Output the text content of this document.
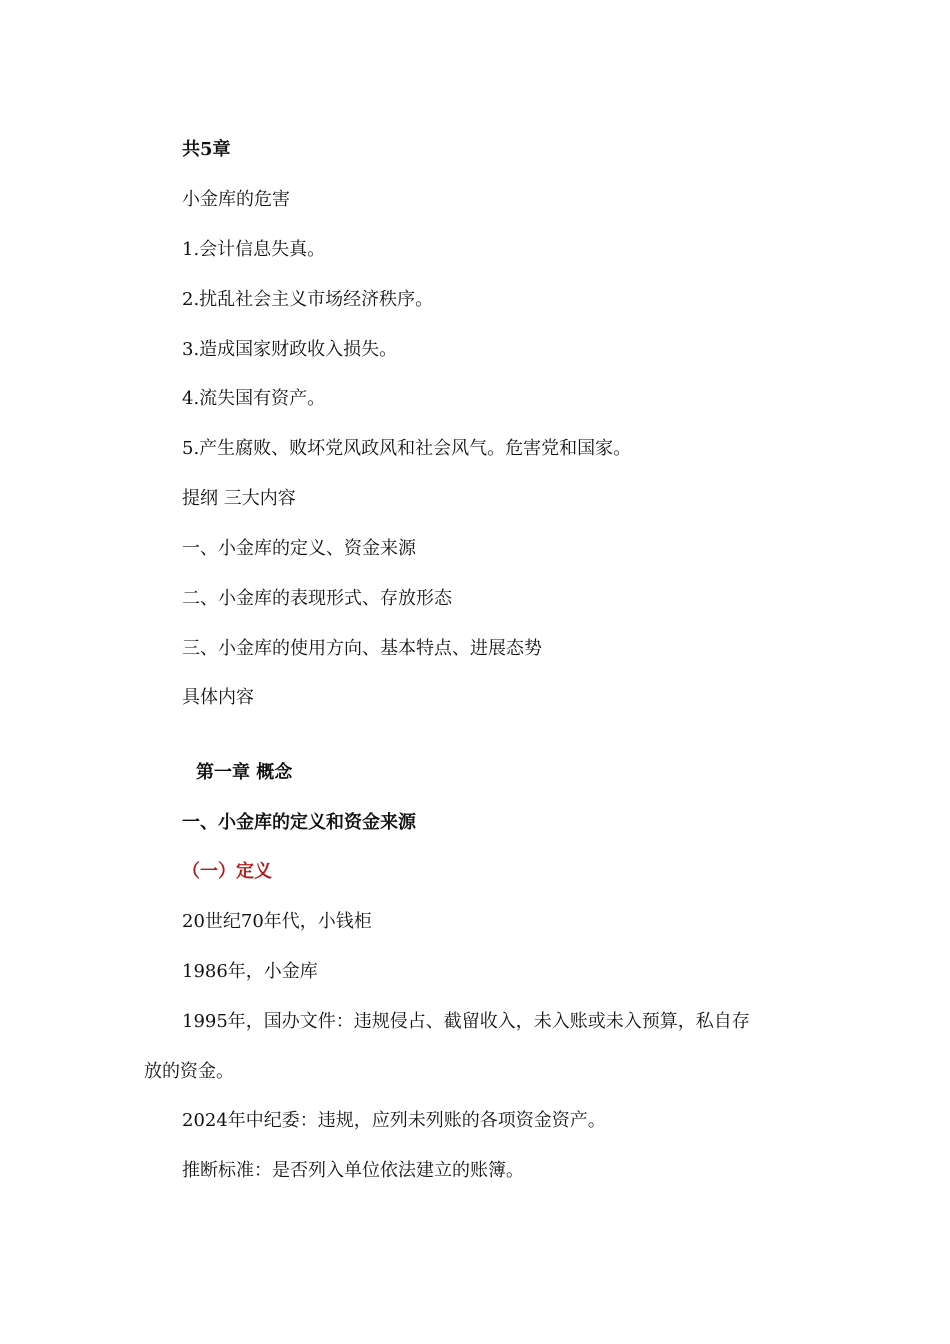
共5章
小金库的危害
1.会计信息失真。
2.扰乱社会主义市场经济秩序。
3.造成国家财政收入损失。
4.流失国有资产。
5.产生腐败、败坏党风政风和社会风气。危害党和国家。
提纲 三大内容
一、小金库的定义、资金来源
二、小金库的表现形式、存放形态
三、小金库的使用方向、基本特点、进展态势
具体内容
第一章 概念
一、小金库的定义和资金来源
（一）定义
20世纪70年代，小钱柜
1986年，小金库
1995年，国办文件：违规侵占、截留收入，未入账或未入预算，私自存
放的资金。
2024年中纪委：违规，应列未列账的各项资金资产。
推断标准：是否列入单位依法建立的账簿。
